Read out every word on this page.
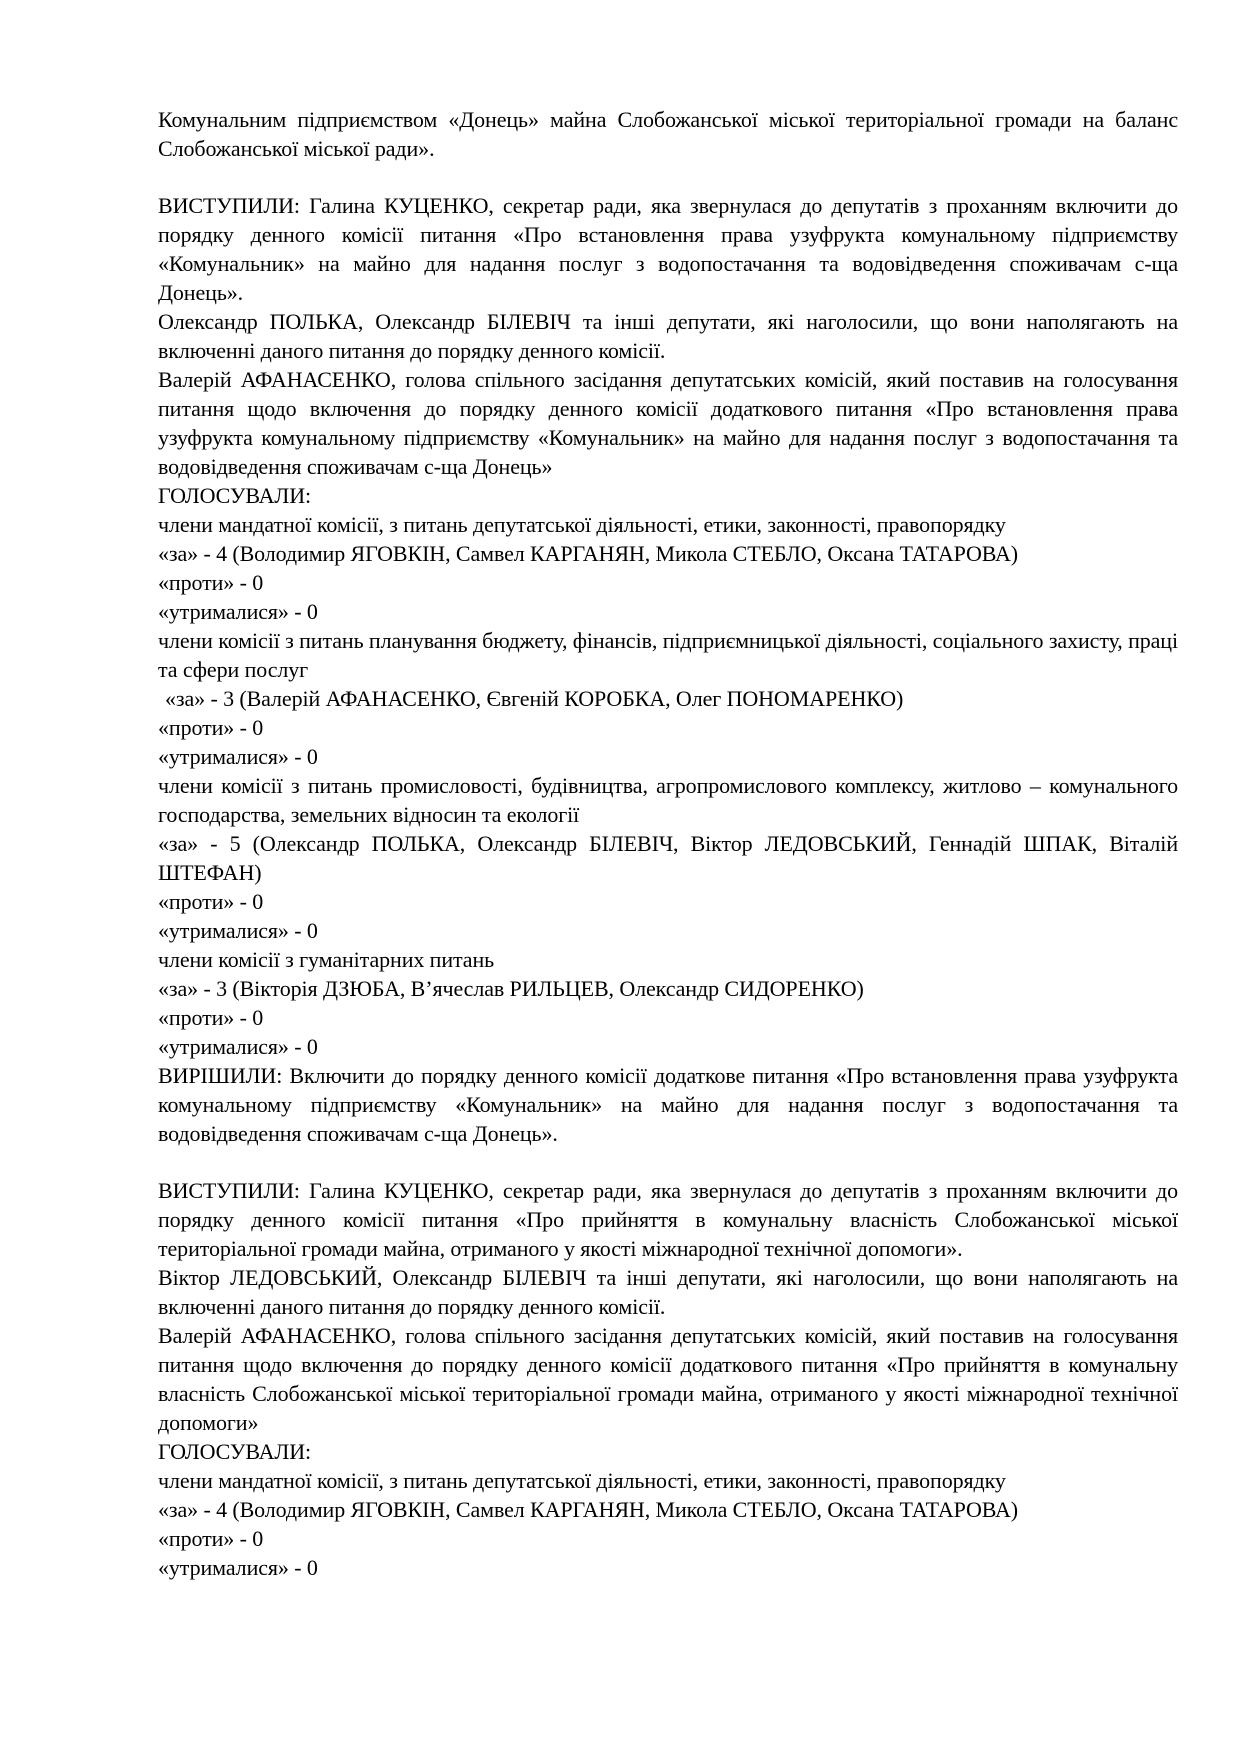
Комунальним підприємством «Донець» майна Слобожанської міської територіальної громади на баланс Слобожанської міської ради».

ВИСТУПИЛИ: Галина КУЦЕНКО, секретар ради, яка звернулася до депутатів з проханням включити до порядку денного комісії питання «Про встановлення права узуфрукта комунальному підприємству «Комунальник» на майно для надання послуг з водопостачання та водовідведення споживачам с-ща Донець».

Олександр ПОЛЬКА, Олександр БІЛЕВІЧ та інші депутати, які наголосили, що вони наполягають на включенні даного питання до порядку денного комісії.

Валерій АФАНАСЕНКО, голова спільного засідання депутатських комісій, який поставив на голосування питання щодо включення до порядку денного комісії додаткового питання «Про встановлення права узуфрукта комунальному підприємству «Комунальник» на майно для надання послуг з водопостачання та водовідведення споживачам с-ща Донець»

ГОЛОСУВАЛИ:

члени мандатної комісії, з питань депутатської діяльності, етики, законності, правопорядку

«за» - 4 (Володимир ЯГОВКІН, Самвел КАРГАНЯН, Микола СТЕБЛО, Оксана ТАТАРОВА)

«проти» - 0

«утрималися» - 0

члени комісії з питань планування бюджету, фінансів, підприємницької діяльності, соціального захисту, праці та сфери послуг

«за» - 3 (Валерій АФАНАСЕНКО, Євгеній КОРОБКА, Олег ПОНОМАРЕНКО)

«проти» - 0

«утрималися» - 0

члени комісії з питань промисловості, будівництва, агропромислового комплексу, житлово – комунального господарства, земельних відносин та екології

«за» - 5 (Олександр ПОЛЬКА, Олександр БІЛЕВІЧ, Віктор ЛЕДОВСЬКИЙ, Геннадій ШПАК, Віталій ШТЕФАН)

«проти» - 0

«утрималися» - 0

члени комісії з гуманітарних питань

«за» - 3 (Вікторія ДЗЮБА, В’ячеслав РИЛЬЦЕВ, Олександр СИДОРЕНКО)

«проти» - 0

«утрималися» - 0

ВИРІШИЛИ: Включити до порядку денного комісії додаткове питання «Про встановлення права узуфрукта комунальному підприємству «Комунальник» на майно для надання послуг з водопостачання та водовідведення споживачам с-ща Донець».

ВИСТУПИЛИ: Галина КУЦЕНКО, секретар ради, яка звернулася до депутатів з проханням включити до порядку денного комісії питання «Про прийняття в комунальну власність Слобожанської міської територіальної громади майна, отриманого у якості міжнародної технічної допомоги».

Віктор ЛЕДОВСЬКИЙ, Олександр БІЛЕВІЧ та інші депутати, які наголосили, що вони наполягають на включенні даного питання до порядку денного комісії.

Валерій АФАНАСЕНКО, голова спільного засідання депутатських комісій, який поставив на голосування питання щодо включення до порядку денного комісії додаткового питання «Про прийняття в комунальну власність Слобожанської міської територіальної громади майна, отриманого у якості міжнародної технічної допомоги»

ГОЛОСУВАЛИ:

члени мандатної комісії, з питань депутатської діяльності, етики, законності, правопорядку

«за» - 4 (Володимир ЯГОВКІН, Самвел КАРГАНЯН, Микола СТЕБЛО, Оксана ТАТАРОВА)

«проти» - 0

«утрималися» - 0
